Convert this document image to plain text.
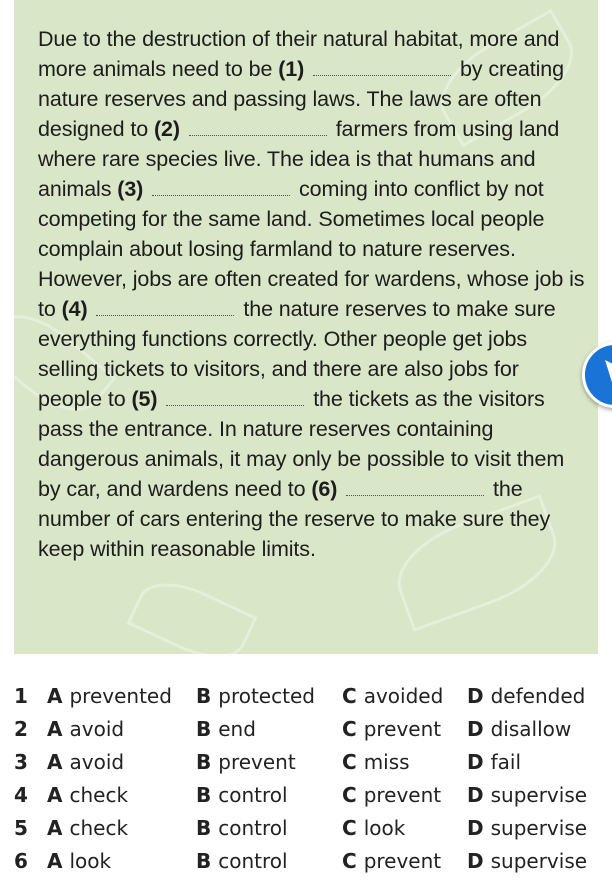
Due to the destruction of their natural habitat, more and more animals need to be (1)	by creating nature reserves and passing laws. The laws are often designed to (2)	farmers from using land where rare species live. The idea is that humans and animals (3)	coming into conflict by not competing for the same land. Sometimes local people complain about losing farmland to nature reserves. However, jobs are often created for wardens, whose job is to (4)	the nature reserves to make sure everything functions correctly. Other people get jobs selling tickets to visitors, and there are also jobs for people to (5)	the tickets as the visitors pass the entrance. In nature reserves containing dangerous animals, it may only be possible to visit them by car, and wardens need to (6)	the number of cars entering the reserve to make sure they keep within reasonable limits.
1 A prevented B protected C avoided D defended
2 A avoid	B end	C prevent D disallow
3 A avoid	B prevent C miss	D fail
4 A check	B control	C prevent D supervise
5 A check	B control	C look	D supervise
6 A look	B control	C prevent D supervise
